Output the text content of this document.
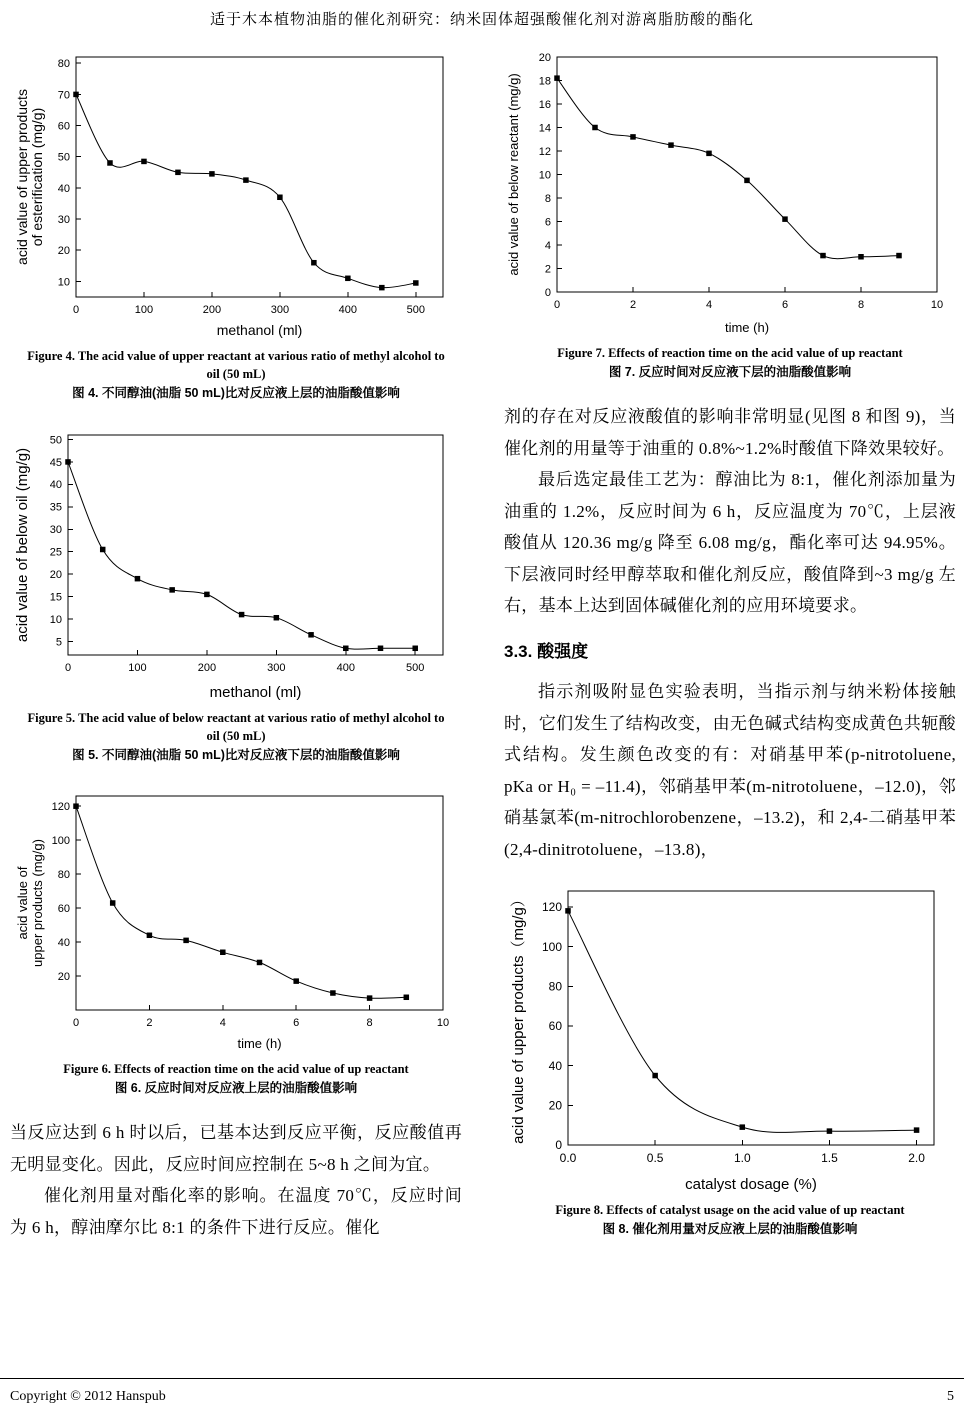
适于木本植物油脂的催化剂研究：纳米固体超强酸催化剂对游离脂肪酸的酯化
0	100	200	300	400	500
10
20
30
40
50
60
70
80
methanol (ml)
acid value of upper products of esterification (mg/g)
Figure 4. The acid value of upper reactant at various ratio of methyl alcohol to oil (50 mL)
图 4. 不同醇油(油脂 50 mL)比对反应液上层的油脂酸值影响
0	100	200	300	400	500
5
10
15
20
25
30
35
40
45
50
methanol (ml)
acid value of below oil (mg/g)
Figure 5. The acid value of below reactant at various ratio of methyl alcohol to oil (50 mL)
图 5. 不同醇油(油脂 50 mL)比对反应液下层的油脂酸值影响
0	2	4	6	8	10
20
40
60
80
100
120
time (h)
acid value of upper products (mg/g)
Figure 6. Effects of reaction time on the acid value of up reactant
图 6. 反应时间对反应液上层的油脂酸值影响

当反应达到 6 h 时以后，已基本达到反应平衡，反应酸值再无明显变化。因此，反应时间应控制在 5~8 h 之间为宜。

催化剂用量对酯化率的影响。在温度 70℃，反应时间为 6 h，醇油摩尔比 8:1 的条件下进行反应。催化

0	2	4	6	8	10
0
2
4
6
8
10
12
14
16
18
20
time (h)
acid value of below reactant (mg/g)
Figure 7. Effects of reaction time on the acid value of up reactant
图 7. 反应时间对反应液下层的油脂酸值影响

剂的存在对反应液酸值的影响非常明显(见图 8 和图 9)，当催化剂的用量等于油重的 0.8%~1.2%时酸值下降效果较好。

最后选定最佳工艺为：醇油比为 8:1，催化剂添加量为油重的 1.2%，反应时间为 6 h，反应温度为 70℃，上层液酸值从 120.36 mg/g 降至 6.08 mg/g，酯化率可达 94.95%。下层液同时经甲醇萃取和催化剂反应，酸值降到~3 mg/g 左右，基本上达到固体碱催化剂的应用环境要求。

3.3. 酸强度

指示剂吸附显色实验表明，当指示剂与纳米粉体接触时，它们发生了结构改变，由无色碱式结构变成黄色共轭酸式结构。发生颜色改变的有：对硝基甲苯(p-nitrotoluene, pKa or H₀ = –11.4)，邻硝基甲苯(m-nitrotoluene，–12.0)，邻硝基氯苯(m-nitrochlorobenzene，–13.2)，和 2,4-二硝基甲苯(2,4-dinitrotoluene，–13.8)，

0.0	0.5	1.0	1.5	2.0
0
20
40
60
80
100
120
catalyst dosage (%)
acid value of upper products（mg/g）
Figure 8. Effects of catalyst usage on the acid value of up reactant
图 8. 催化剂用量对反应液上层的油脂酸值影响
Copyright © 2012 Hanspub	5
